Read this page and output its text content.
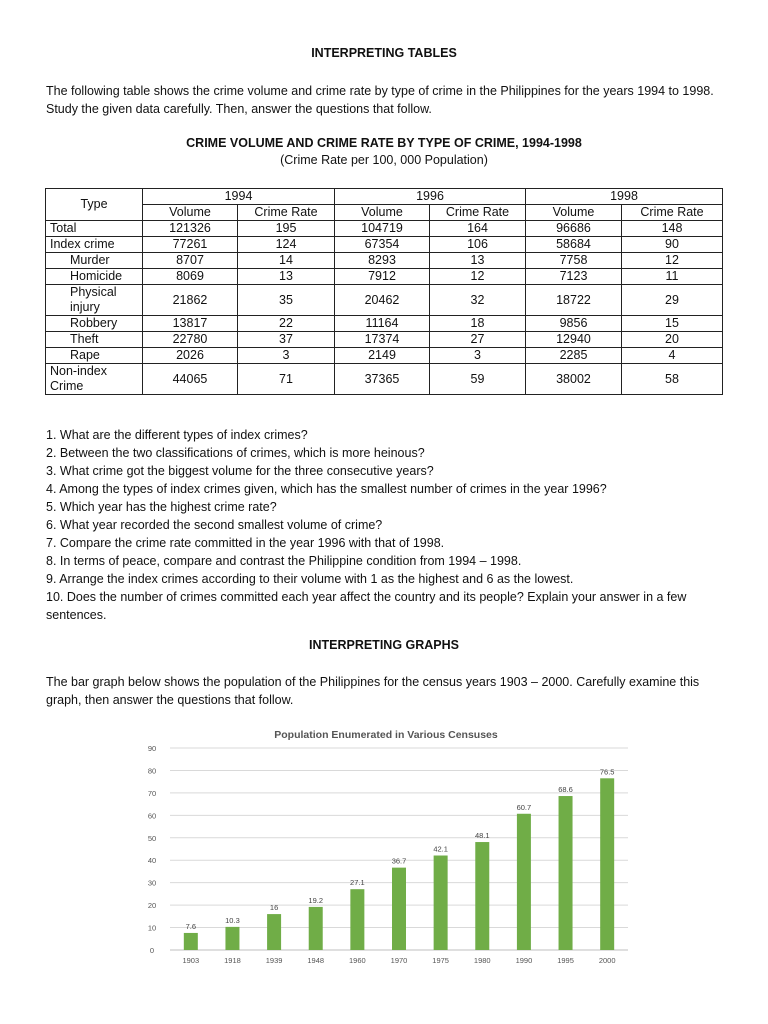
INTERPRETING TABLES
The following table shows the crime volume and crime rate by type of crime in the Philippines for the years 1994 to 1998. Study the given data carefully. Then, answer the questions that follow.
CRIME VOLUME AND CRIME RATE BY TYPE OF CRIME, 1994-1998
(Crime Rate per 100, 000 Population)
Type	1994		1996		1998	
	Volume	Crime Rate	Volume	Crime Rate	Volume	Crime Rate
Total	121326	195	104719	164	96686	148
Index crime	77261	124	67354	106	58684	90
Murder	8707	14	8293	13	7758	12
Homicide	8069	13	7912	12	7123	11
Physical injury	21862	35	20462	32	18722	29
Robbery	13817	22	11164	18	9856	15
Theft	22780	37	17374	27	12940	20
Rape	2026	3	2149	3	2285	4
Non-index Crime	44065	71	37365	59	38002	58
1. What are the different types of index crimes?
2. Between the two classifications of crimes, which is more heinous?
3. What crime got the biggest volume for the three consecutive years?
4. Among the types of index crimes given, which has the smallest number of crimes in the year 1996?
5. Which year has the highest crime rate?
6. What year recorded the second smallest volume of crime?
7. Compare the crime rate committed in the year 1996 with that of 1998.
8. In terms of peace, compare and contrast the Philippine condition from 1994 – 1998.
9. Arrange the index crimes according to their volume with 1 as the highest and 6 as the lowest.
10. Does the number of crimes committed each year affect the country and its people? Explain your answer in a few sentences.
INTERPRETING GRAPHS
The bar graph below shows the population of the Philippines for the census years 1903 – 2000. Carefully examine this graph, then answer the questions that follow.
Population Enumerated in Various Censuses
0
10
20
30
40
50
60
70
80
90
7.6
10.3
16
19.2
27.1
36.7
42.1
48.1
60.7
68.6
76.5
1903	1918	1939	1948	1960	1970	1975	1980	1990	1995	2000
